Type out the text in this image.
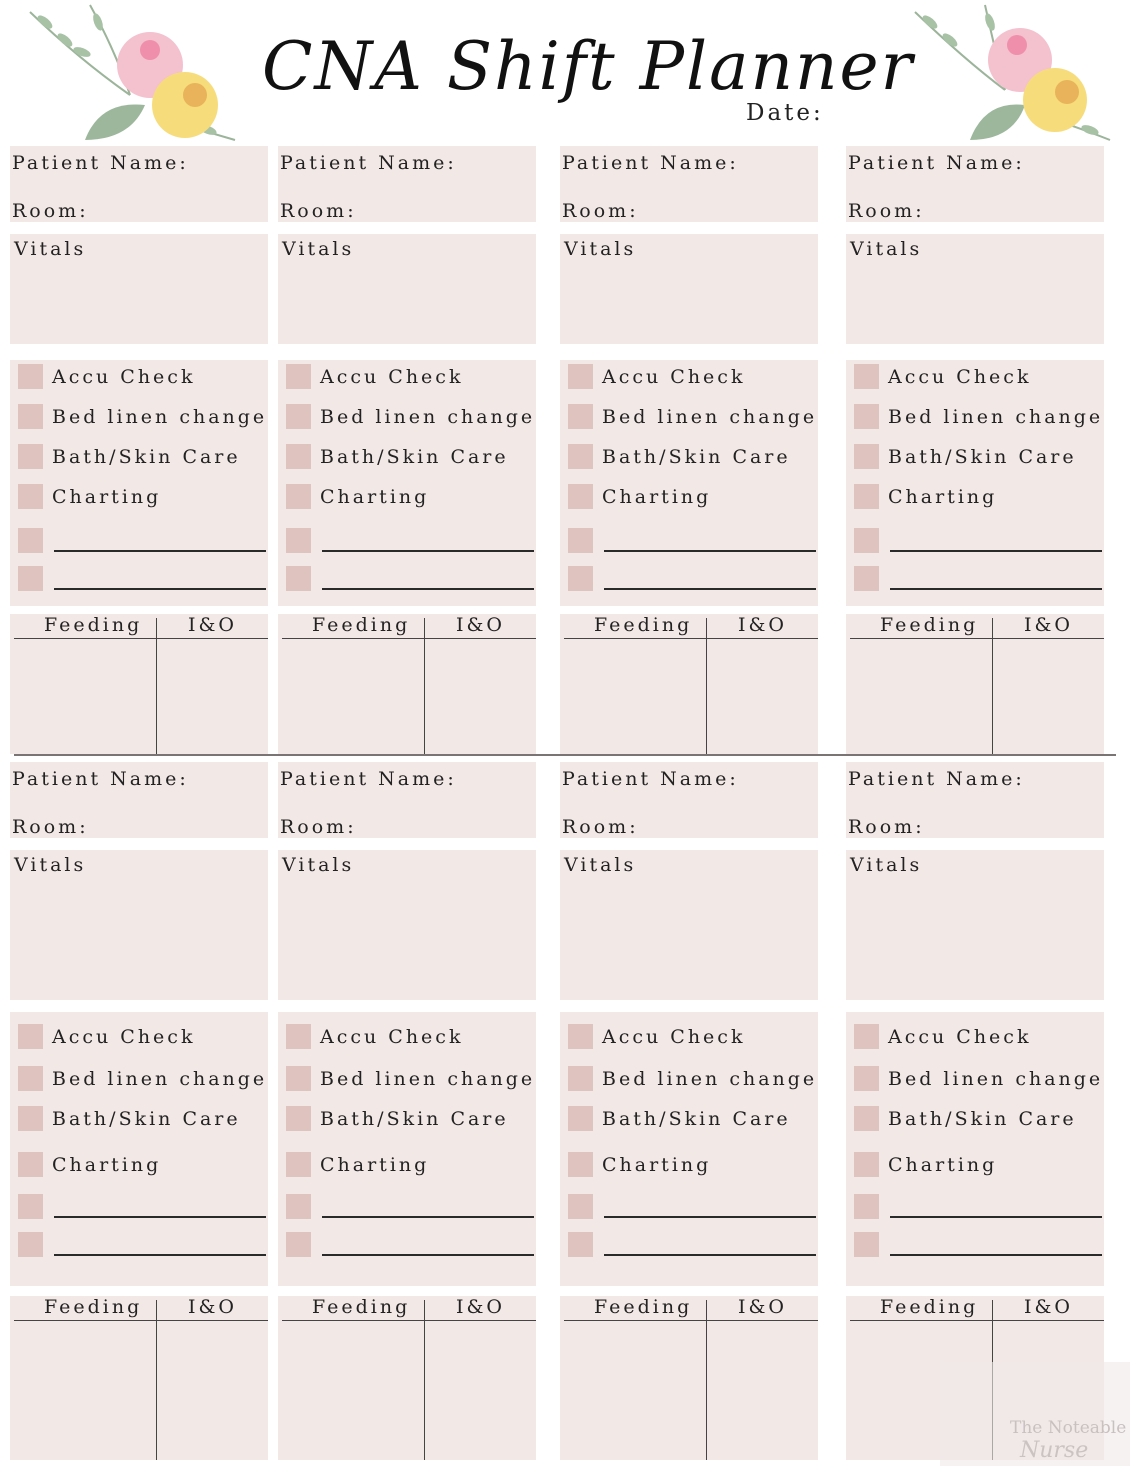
CNA Shift Planner
Date:
Patient Name:
Room:
Vitals
Accu Check
Bed linen change
Bath/Skin Care
Charting
Feeding I&O
Patient Name:
Room:
Vitals
Accu Check
Bed linen change
Bath/Skin Care
Charting
Feeding I&O
Patient Name:
Room:
Vitals
Accu Check
Bed linen change
Bath/Skin Care
Charting
Feeding I&O
Patient Name:
Room:
Vitals
Accu Check
Bed linen change
Bath/Skin Care
Charting
Feeding I&O
Patient Name:
Room:
Vitals
Accu Check
Bed linen change
Bath/Skin Care
Charting
Feeding I&O
Patient Name:
Room:
Vitals
Accu Check
Bed linen change
Bath/Skin Care
Charting
Feeding I&O
Patient Name:
Room:
Vitals
Accu Check
Bed linen change
Bath/Skin Care
Charting
Feeding I&O
Patient Name:
Room:
Vitals
Accu Check
Bed linen change
Bath/Skin Care
Charting
Feeding I&O
The Noteable
Nurse
